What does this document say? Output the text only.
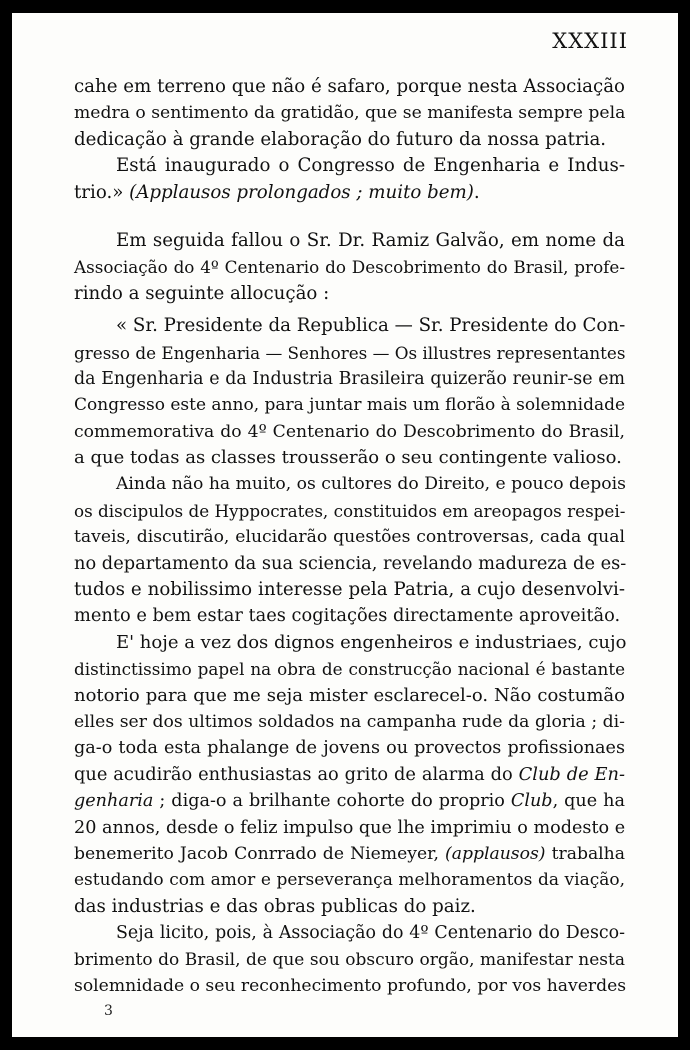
XXXIII
cahe em terreno que não é safaro, porque nesta Associação
medra o sentimento da gratidão, que se manifesta sempre pela
dedicação à grande elaboração do futuro da nossa patria.
Está inaugurado o Congresso de Engenharia e Indus-
trio.» (Applausos prolongados ; muito bem).
Em seguida fallou o Sr. Dr. Ramiz Galvão, em nome da
Associação do 4º Centenario do Descobrimento do Brasil, profe-
rindo a seguinte allocução :
« Sr. Presidente da Republica — Sr. Presidente do Con-
gresso de Engenharia — Senhores — Os illustres representantes
da Engenharia e da Industria Brasileira quizerão reunir-se em
Congresso este anno, para juntar mais um florão à solemnidade
commemorativa do 4º Centenario do Descobrimento do Brasil,
a que todas as classes trousserão o seu contingente valioso.
Ainda não ha muito, os cultores do Direito, e pouco depois
os discipulos de Hyppocrates, constituidos em areopagos respei-
taveis, discutirão, elucidarão questões controversas, cada qual
no departamento da sua sciencia, revelando madureza de es-
tudos e nobilissimo interesse pela Patria, a cujo desenvolvi-
mento e bem estar taes cogitações directamente aproveitão.
E' hoje a vez dos dignos engenheiros e industriaes, cujo
distinctissimo papel na obra de construcção nacional é bastante
notorio para que me seja mister esclarecel-o. Não costumão
elles ser dos ultimos soldados na campanha rude da gloria ; di-
ga-o toda esta phalange de jovens ou provectos profissionaes
que acudirão enthusiastas ao grito de alarma do Club de En-
genharia ; diga-o a brilhante cohorte do proprio Club, que ha
20 annos, desde o feliz impulso que lhe imprimiu o modesto e
benemerito Jacob Conrrado de Niemeyer, (applausos) trabalha
estudando com amor e perseverança melhoramentos da viação,
das industrias e das obras publicas do paiz.
Seja licito, pois, à Associação do 4º Centenario do Desco-
brimento do Brasil, de que sou obscuro orgão, manifestar nesta
solemnidade o seu reconhecimento profundo, por vos haverdes
3
